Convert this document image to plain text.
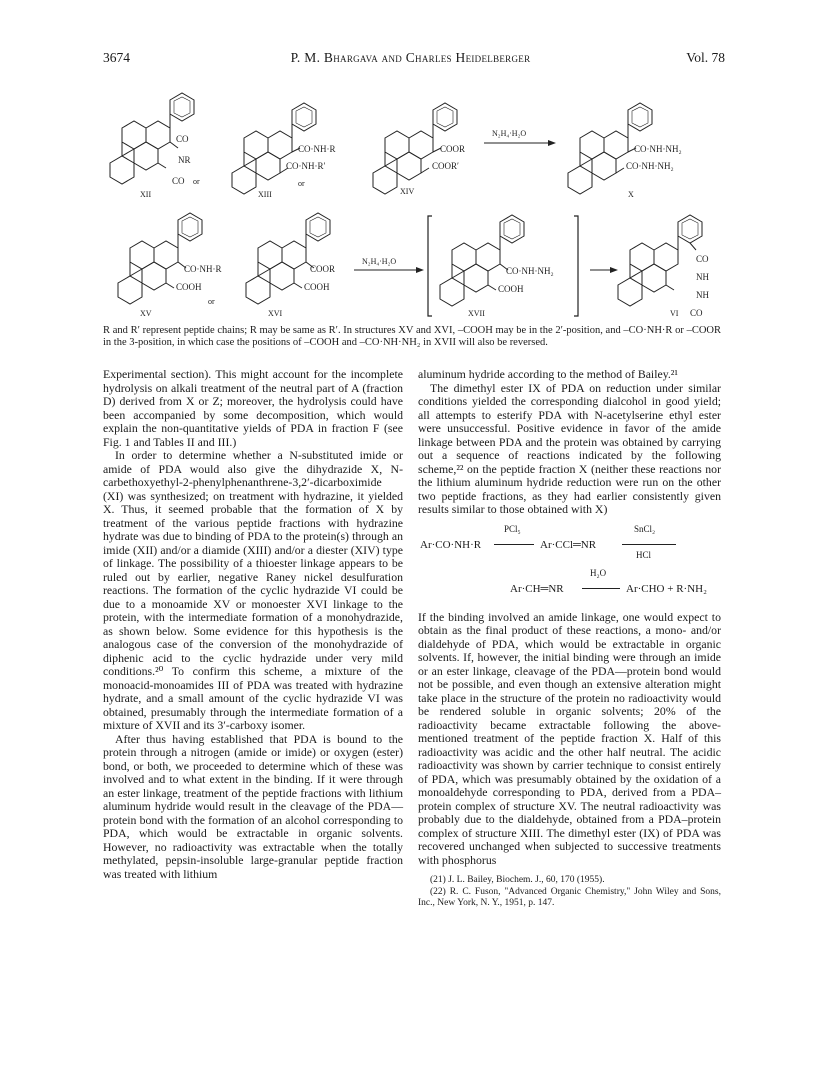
3674	P. M. Bhargava and Charles Heidelberger	Vol. 78
CO
NR
CO or
XII
CO·NH·R
CO·NH·R′
or
XIII
COOR
COOR′
XIV
N₂H₄·H₂O
CO·NH·NH₂
CO·NH·NH₂
X
CO·NH·R
COOH
or
XV
COOR
COOH
XVI
N₂H₄·H₂O
CO·NH·NH₂
COOH
XVII
CO
NH
NH
CO
VI
R and R′ represent peptide chains; R may be same as R′. In structures XV and XVI, –COOH may be in the 2′-position, and –CO·NH·R or –COOR in the 3-position, in which case the positions of –COOH and –CO·NH·NH₂ in XVII will also be reversed.

Experimental section). This might account for the incomplete hydrolysis on alkali treatment of the neutral part of A (fraction D) derived from X or Z; moreover, the hydrolysis could have been accompanied by some decomposition, which would explain the non-quantitative yields of PDA in fraction F (see Fig. 1 and Tables II and III.)

In order to determine whether a N-substituted imide or amide of PDA would also give the dihydrazide X, N-carbethoxyethyl-2-phenylphenanthrene-3,2′-dicarboximide (XI) was synthesized; on treatment with hydrazine, it yielded X. Thus, it seemed probable that the formation of X by treatment of the various peptide fractions with hydrazine hydrate was due to binding of PDA to the protein(s) through an imide (XII) and/or a diamide (XIII) and/or a diester (XIV) type of linkage. The possibility of a thioester linkage appears to be ruled out by earlier, negative Raney nickel desulfuration reactions. The formation of the cyclic hydrazide VI could be due to a monoamide XV or monoester XVI linkage to the protein, with the intermediate formation of a monohydrazide, as shown below. Some evidence for this hypothesis is the analogous case of the conversion of the monohydrazide of diphenic acid to the cyclic hydrazide under very mild conditions.²⁰ To confirm this scheme, a mixture of the monoacid-monoamides III of PDA was treated with hydrazine hydrate, and a small amount of the cyclic hydrazide VI was obtained, presumably through the intermediate formation of a mixture of XVII and its 3′-carboxy isomer.

After thus having established that PDA is bound to the protein through a nitrogen (amide or imide) or oxygen (ester) bond, or both, we proceeded to determine which of these was involved and to what extent in the binding. If it were through an ester linkage, treatment of the peptide fractions with lithium aluminum hydride would result in the cleavage of the PDA—protein bond with the formation of an alcohol corresponding to PDA, which would be extractable in organic solvents. However, no radioactivity was extractable when the totally methylated, pepsin-insoluble large-granular peptide fraction was treated with lithium

aluminum hydride according to the method of Bailey.²¹

The dimethyl ester IX of PDA on reduction under similar conditions yielded the corresponding dialcohol in good yield; all attempts to esterify PDA with N-acetylserine ethyl ester were unsuccessful. Positive evidence in favor of the amide linkage between PDA and the protein was obtained by carrying out a sequence of reactions indicated by the following scheme,²² on the peptide fraction X (neither these reactions nor the lithium aluminum hydride reduction were run on the other two peptide fractions, as they had earlier consistently given results similar to those obtained with X)

Ar·CO·NH·R
PCl₅
Ar·CCl═NR
SnCl₂
HCl
Ar·CH═NR
H₂O
Ar·CHO + R·NH₂

If the binding involved an amide linkage, one would expect to obtain as the final product of these reactions, a mono- and/or dialdehyde of PDA, which would be extractable in organic solvents. If, however, the initial binding were through an imide or an ester linkage, cleavage of the PDA—protein bond would not be possible, and even though an extensive alteration might take place in the structure of the protein no radioactivity would be rendered soluble in organic solvents; 20% of the radioactivity became extractable following the above-mentioned treatment of the peptide fraction X. Half of this radioactivity was acidic and the other half neutral. The acidic radioactivity was shown by carrier technique to consist entirely of PDA, which was presumably obtained by the oxidation of a monoaldehyde corresponding to PDA, derived from a PDA–protein complex of structure XV. The neutral radioactivity was probably due to the dialdehyde, obtained from a PDA–protein complex of structure XIII. The dimethyl ester (IX) of PDA was recovered unchanged when subjected to successive treatments with phosphorus

(21) J. L. Bailey, Biochem. J., 60, 170 (1955).
(22) R. C. Fuson, "Advanced Organic Chemistry," John Wiley and Sons, Inc., New York, N. Y., 1951, p. 147.
